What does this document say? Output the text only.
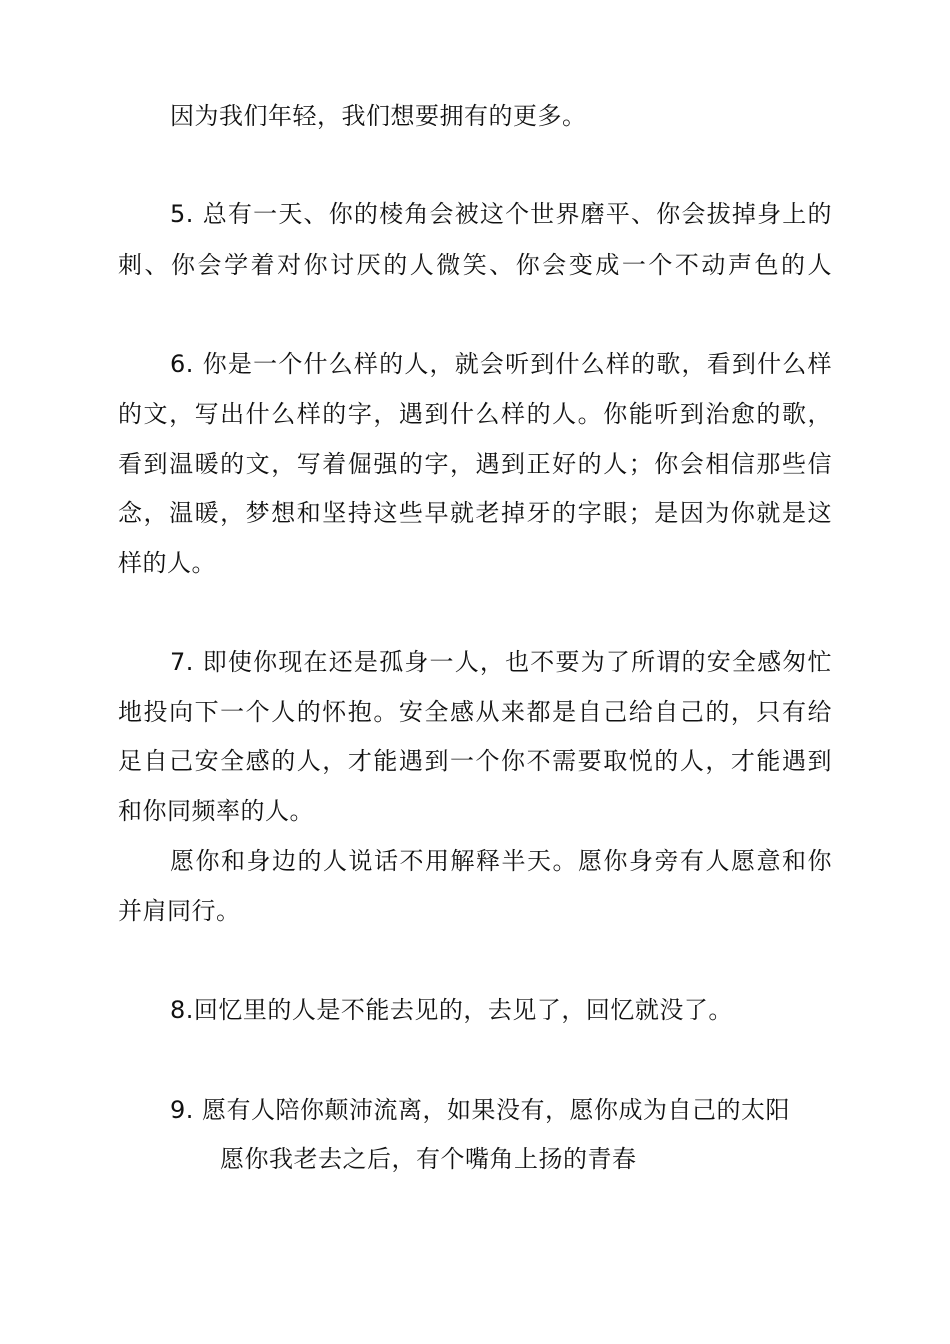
因为我们年轻，我们想要拥有的更多。
5. 总有一天、你的棱角会被这个世界磨平、你会拔掉身上的
刺、你会学着对你讨厌的人微笑、你会变成一个不动声色的人
6. 你是一个什么样的人，就会听到什么样的歌，看到什么样
的文，写出什么样的字，遇到什么样的人。你能听到治愈的歌，
看到温暖的文，写着倔强的字，遇到正好的人；你会相信那些信
念，温暖，梦想和坚持这些早就老掉牙的字眼；是因为你就是这
样的人。
7. 即使你现在还是孤身一人，也不要为了所谓的安全感匆忙
地投向下一个人的怀抱。安全感从来都是自己给自己的，只有给
足自己安全感的人，才能遇到一个你不需要取悦的人，才能遇到
和你同频率的人。
愿你和身边的人说话不用解释半天。愿你身旁有人愿意和你
并肩同行。
8.回忆里的人是不能去见的，去见了，回忆就没了。
9. 愿有人陪你颠沛流离，如果没有，愿你成为自己的太阳
愿你我老去之后，有个嘴角上扬的青春
